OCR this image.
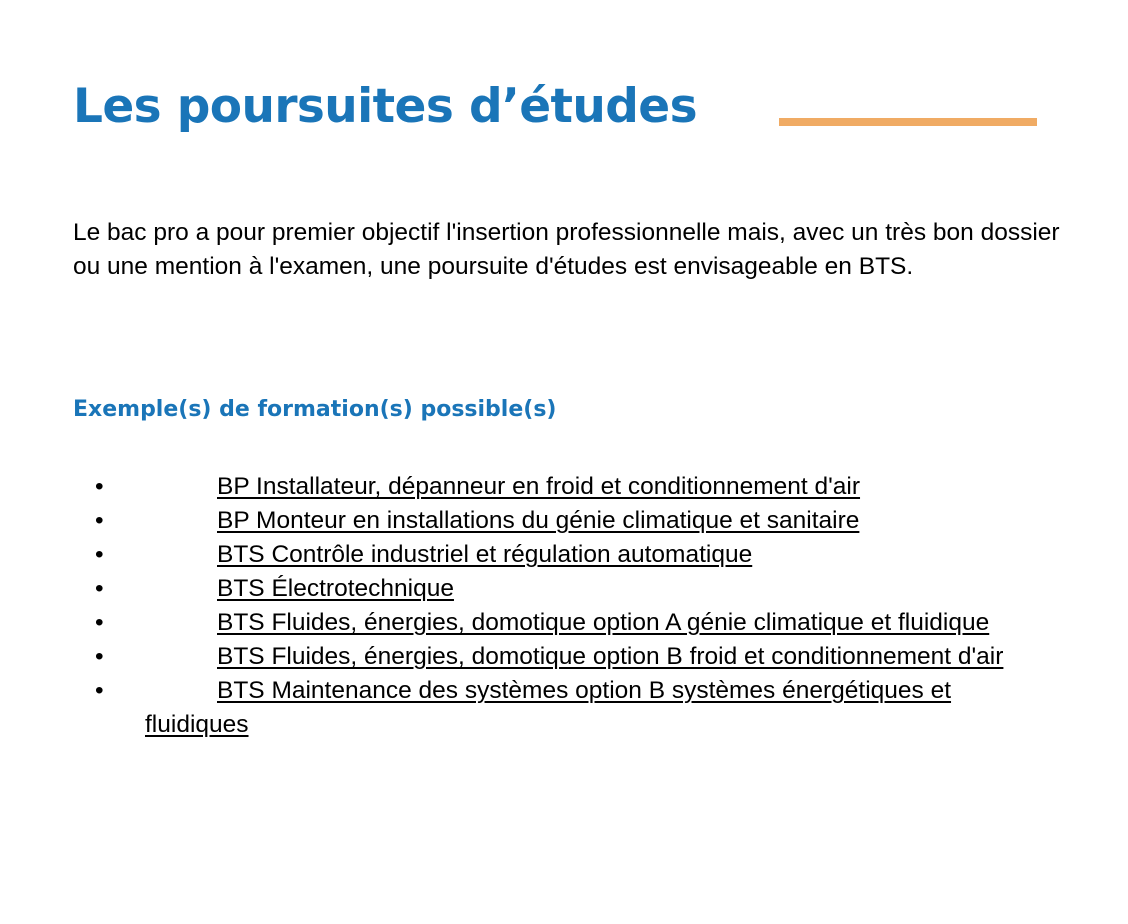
Les poursuites d’études

Le bac pro a pour premier objectif l'insertion professionnelle mais, avec un très bon dossier ou une mention à l'examen, une poursuite d'études est envisageable en BTS.

Exemple(s) de formation(s) possible(s)
•	BP Installateur, dépanneur en froid et conditionnement d'air
•	BP Monteur en installations du génie climatique et sanitaire
•	BTS Contrôle industriel et régulation automatique
•	BTS Électrotechnique
•	BTS Fluides, énergies, domotique option A génie climatique et fluidique
•	BTS Fluides, énergies, domotique option B froid et conditionnement d'air
•	BTS Maintenance des systèmes option B systèmes énergétiques et fluidiques
